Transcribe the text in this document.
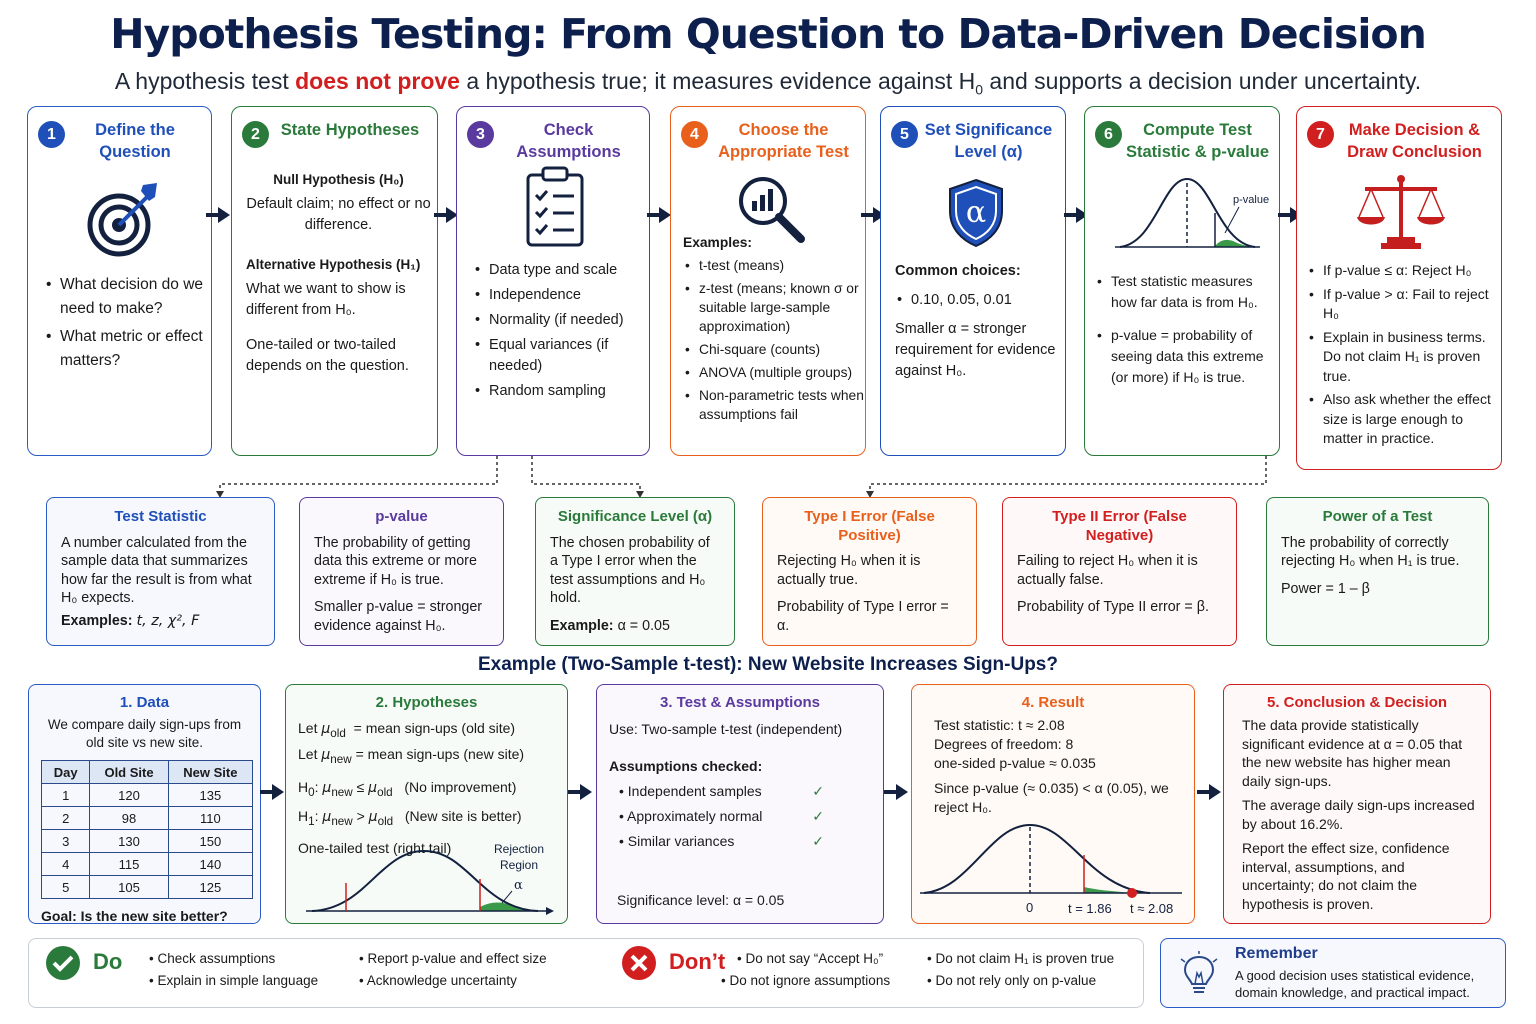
Hypothesis Testing: From Question to Data-Driven Decision
A hypothesis test does not prove a hypothesis true; it measures evidence against $H_0$ and supports a decision under uncertainty.
1	Define the Question
• What decision do we need to make?
• What metric or effect matters?
2	State Hypotheses

Null Hypothesis (H₀)

Default claim; no effect or no difference.

Alternative Hypothesis (H₁)

What we want to show is different from H₀.

One-tailed or two-tailed depends on the question.

3	Check Assumptions
• Data type and scale
• Independence
• Normality (if needed)
• Equal variances (if needed)
• Random sampling
4	Choose the Appropriate Test

Examples:

• t-test (means)
• z-test (means; known σ or suitable large-sample approximation)
• Chi-square (counts)
• ANOVA (multiple groups)
• Non-parametric tests when assumptions fail
5 Set Significance Level (α)
α

Common choices:

• 0.10, 0.05, 0.01

Smaller α = stronger requirement for evidence against H₀.

6	Compute Test Statistic & p-value
p-value
• Test statistic measures how far data is from H₀.
• p-value = probability of seeing data this extreme (or more) if H₀ is true.
7	Make Decision & Draw Conclusion
• If p-value ≤ α: Reject H₀
• If p-value > α: Fail to reject H₀
• Explain in business terms. Do not claim H₁ is proven true.
• Also ask whether the effect size is large enough to matter in practice.
Test Statistic

A number calculated from the sample data that summarizes how far the result is from what H₀ expects.

Examples: t, z, χ², F

p-value

The probability of getting data this extreme or more extreme if H₀ is true.

Smaller p-value = stronger evidence against H₀.

Significance Level (α)

The chosen probability of a Type I error when the test assumptions and H₀ hold.

Example: α = 0.05

Type I Error (False Positive)

Rejecting H₀ when it is actually true.

Probability of Type I error = α.

Type II Error (False Negative)

Failing to reject H₀ when it is actually false.

Probability of Type II error = β.

Power of a Test

The probability of correctly rejecting H₀ when H₁ is true.

Power = 1 – β

Example (Two-Sample t-test): New Website Increases Sign-Ups?
1. Data
We compare daily sign-ups from old site vs new site.
Day	Old Site	New Site
1	120	135
2	98	110
3	130	150
4	115	140
5	105	125
Goal: Is the new site better?
2. Hypotheses
Let $\mu_{old}$ = mean sign-ups (old site)
Let $\mu_{new}$ = mean sign-ups (new site)
$H_0$: $\mu_{new} \le \mu_{old}$ (No improvement)
$H_1$: $\mu_{new} > \mu_{old}$ (New site is better)
One-tailed test (right tail)	Rejection
Region
α
3. Test & Assumptions
Use: Two-sample t-test (independent)
Assumptions checked:
• Independent samples	✓
• Approximately normal	✓
• Similar variances	✓
Significance level: α = 0.05
4. Result
Test statistic: t ≈ 2.08
Degrees of freedom: 8
one-sided p-value ≈ 0.035
Since p-value (≈ 0.035) < α (0.05), we reject H₀.
0	t = 1.86 t ≈ 2.08
5. Conclusion & Decision

The data provide statistically significant evidence at α = 0.05 that the new website has higher mean daily sign-ups.

The average daily sign-ups increased by about 16.2%.

Report the effect size, confidence interval, assumptions, and uncertainty; do not claim the hypothesis is proven.

Do • Check assumptions
• Explain in simple language
• Report p-value and effect size
• Acknowledge uncertainty
Don’t • Do not say “Accept H₀”
• Do not ignore assumptions
• Do not claim H₁ is proven true
• Do not rely only on p-value
Remember
A good decision uses statistical evidence, domain knowledge, and practical impact.
